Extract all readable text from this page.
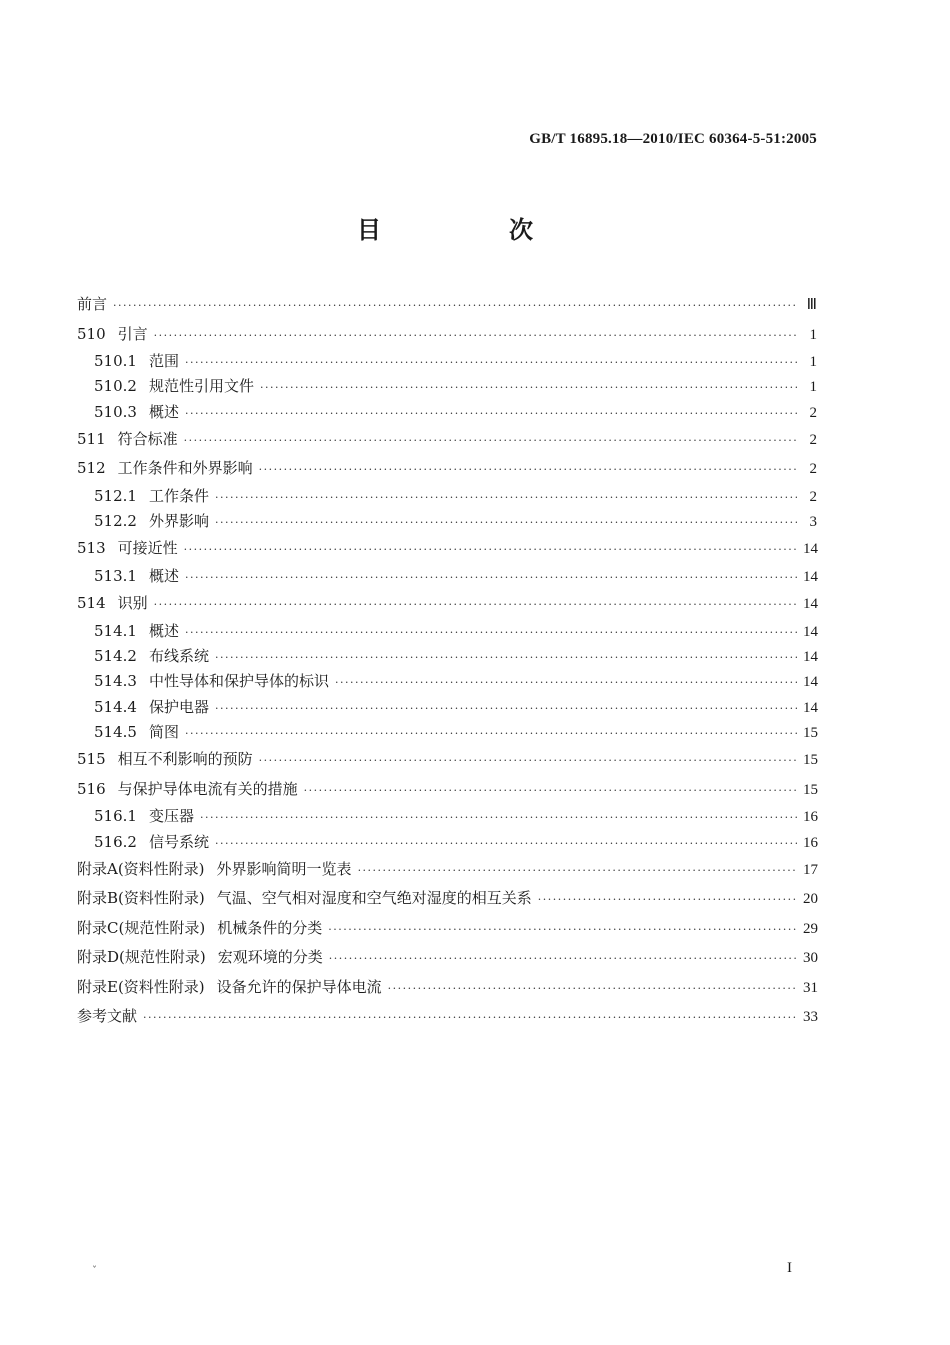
GB/T 16895.18—2010/IEC 60364-5-51:2005
目　次
前言 ·····	Ⅲ
510 引言 ·····	1
510.1 范围 ·····	1
510.2 规范性引用文件 ·····	1
510.3 概述 ·····	2
511 符合标准 ·····	2
512 工作条件和外界影响 ·····	2
512.1 工作条件 ·····	2
512.2 外界影响 ·····	3
513 可接近性 ·····	14
513.1 概述 ·····	14
514 识别 ·····	14
514.1 概述 ·····	14
514.2 布线系统 ·····	14
514.3 中性导体和保护导体的标识 ·····	14
514.4 保护电器 ·····	14
514.5 简图 ·····	15
515 相互不利影响的预防 ·····	15
516 与保护导体电流有关的措施 ·····	15
516.1 变压器 ·····	16
516.2 信号系统 ·····	16
附录A(资料性附录) 外界影响简明一览表 ·····	17
附录B(资料性附录) 气温、空气相对湿度和空气绝对湿度的相互关系 ·····	20
附录C(规范性附录) 机械条件的分类 ·····	29
附录D(规范性附录) 宏观环境的分类 ·····	30
附录E(资料性附录) 设备允许的保护导体电流 ·····	31
参考文献 ·····	33
I
ˇ
